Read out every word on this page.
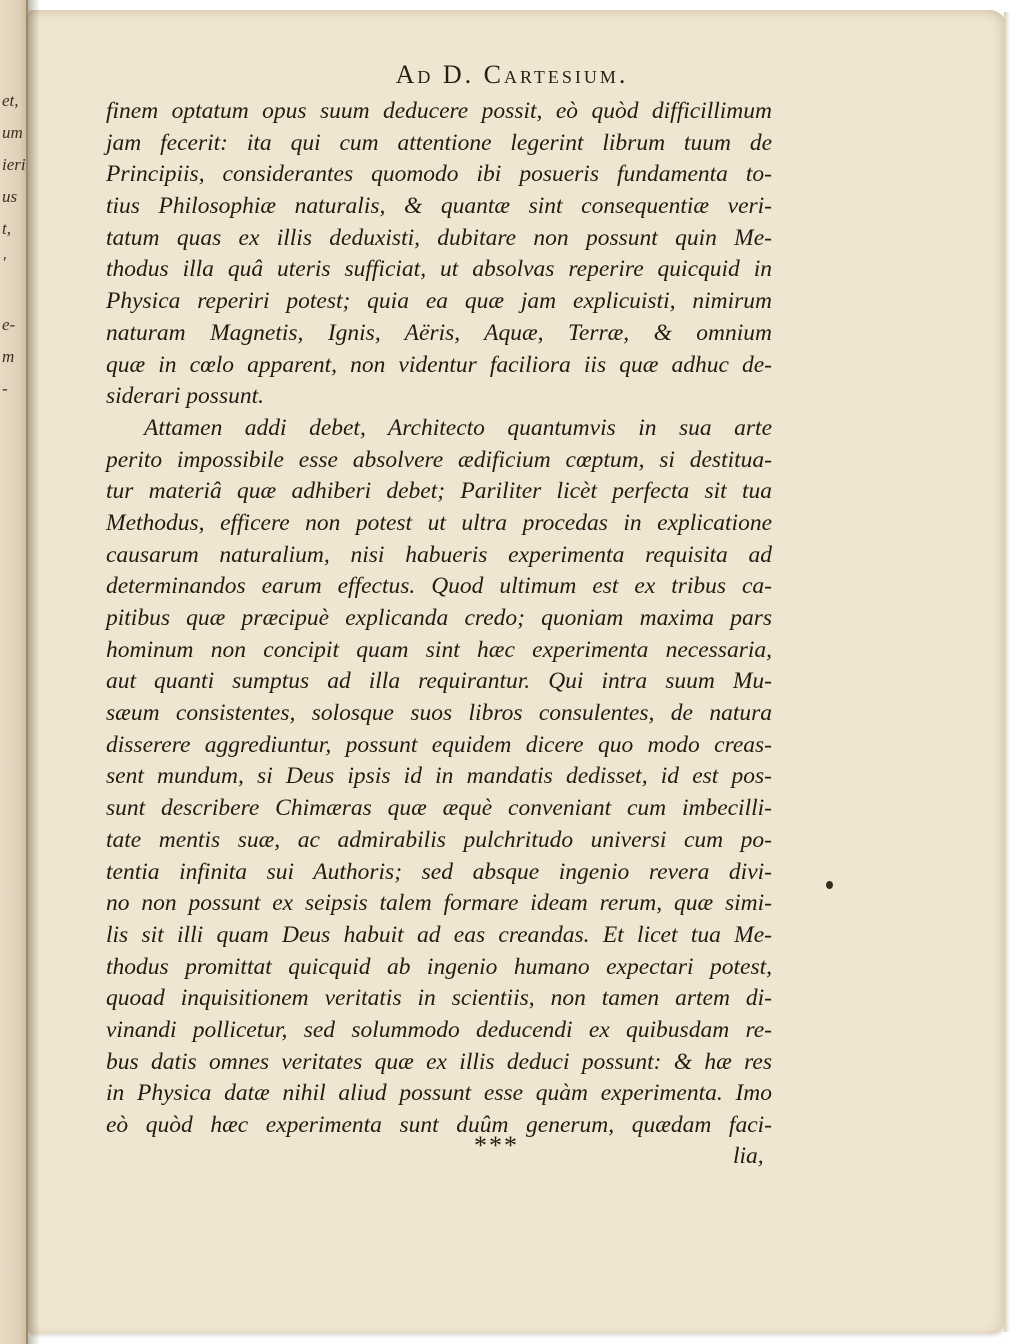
et,
um
ieri
us
t,
'
e-
m
-
Ad D. Cartesium.
finem optatum opus suum deducere possit, eò quòd difficillimum
jam fecerit: ita qui cum attentione legerint librum tuum de
Principiis, considerantes quomodo ibi posueris fundamenta to-
tius Philosophiæ naturalis, & quantæ sint consequentiæ veri-
tatum quas ex illis deduxisti, dubitare non possunt quin Me-
thodus illa quâ uteris sufficiat, ut absolvas reperire quicquid in
Physica reperiri potest; quia ea quæ jam explicuisti, nimirum
naturam Magnetis, Ignis, Aëris, Aquæ, Terræ, & omnium
quæ in cœlo apparent, non videntur faciliora iis quæ adhuc de-
siderari possunt.
Attamen addi debet, Architecto quantumvis in sua arte
perito impossibile esse absolvere ædificium cœptum, si destitua-
tur materiâ quæ adhiberi debet; Pariliter licèt perfecta sit tua
Methodus, efficere non potest ut ultra procedas in explicatione
causarum naturalium, nisi habueris experimenta requisita ad
determinandos earum effectus. Quod ultimum est ex tribus ca-
pitibus quæ præcipuè explicanda credo; quoniam maxima pars
hominum non concipit quam sint hæc experimenta necessaria,
aut quanti sumptus ad illa requirantur. Qui intra suum Mu-
sæum consistentes, solosque suos libros consulentes, de natura
disserere aggrediuntur, possunt equidem dicere quo modo creas-
sent mundum, si Deus ipsis id in mandatis dedisset, id est pos-
sunt describere Chimæras quæ æquè conveniant cum imbecilli-
tate mentis suæ, ac admirabilis pulchritudo universi cum po-
tentia infinita sui Authoris; sed absque ingenio revera divi-
no non possunt ex seipsis talem formare ideam rerum, quæ simi-
lis sit illi quam Deus habuit ad eas creandas. Et licet tua Me-
thodus promittat quicquid ab ingenio humano expectari potest,
quoad inquisitionem veritatis in scientiis, non tamen artem di-
vinandi pollicetur, sed solummodo deducendi ex quibusdam re-
bus datis omnes veritates quæ ex illis deduci possunt: & hæ res
in Physica datæ nihil aliud possunt esse quàm experimenta. Imo
eò quòd hæc experimenta sunt duûm generum, quædam faci-
***	lia,
